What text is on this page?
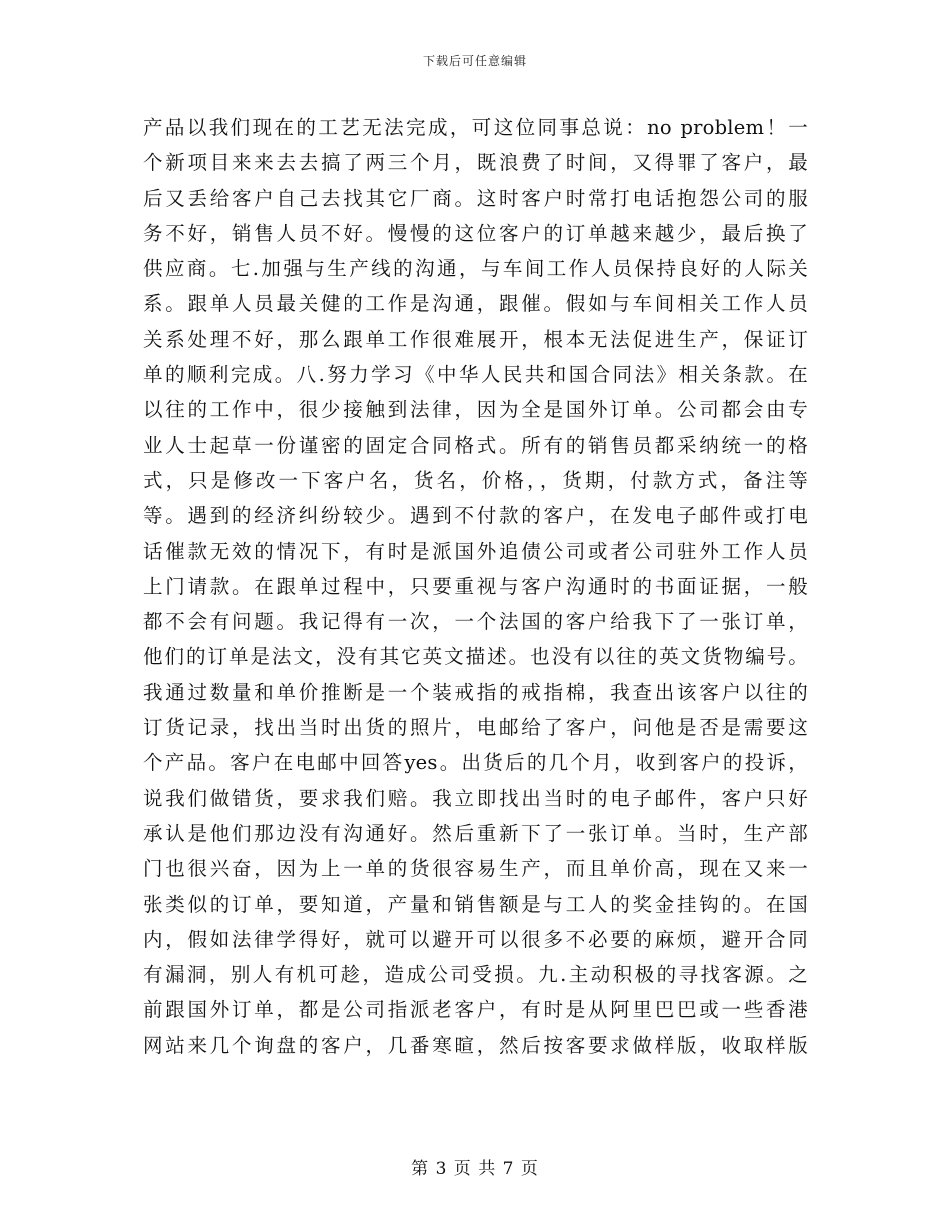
下载后可任意编辑
产品以我们现在的工艺无法完成，可这位同事总说：no problem！一
个新项目来来去去搞了两三个月，既浪费了时间，又得罪了客户，最
后又丢给客户自己去找其它厂商。这时客户时常打电话抱怨公司的服
务不好，销售人员不好。慢慢的这位客户的订单越来越少，最后换了
供应商。七.加强与生产线的沟通，与车间工作人员保持良好的人际关
系。跟单人员最关健的工作是沟通，跟催。假如与车间相关工作人员
关系处理不好，那么跟单工作很难展开，根本无法促进生产，保证订
单的顺利完成。八.努力学习《中华人民共和国合同法》相关条款。在
以往的工作中，很少接触到法律，因为全是国外订单。公司都会由专
业人士起草一份谨密的固定合同格式。所有的销售员都采纳统一的格
式，只是修改一下客户名，货名，价格，，货期，付款方式，备注等
等。遇到的经济纠纷较少。遇到不付款的客户，在发电子邮件或打电
话催款无效的情况下，有时是派国外追债公司或者公司驻外工作人员
上门请款。在跟单过程中，只要重视与客户沟通时的书面证据，一般
都不会有问题。我记得有一次，一个法国的客户给我下了一张订单，
他们的订单是法文，没有其它英文描述。也没有以往的英文货物编号。
我通过数量和单价推断是一个装戒指的戒指棉，我查出该客户以往的
订货记录，找出当时出货的照片，电邮给了客户，问他是否是需要这
个产品。客户在电邮中回答yes。出货后的几个月，收到客户的投诉，
说我们做错货，要求我们赔。我立即找出当时的电子邮件，客户只好
承认是他们那边没有沟通好。然后重新下了一张订单。当时，生产部
门也很兴奋，因为上一单的货很容易生产，而且单价高，现在又来一
张类似的订单，要知道，产量和销售额是与工人的奖金挂钩的。在国
内，假如法律学得好，就可以避开可以很多不必要的麻烦，避开合同
有漏洞，别人有机可趁，造成公司受损。九.主动积极的寻找客源。之
前跟国外订单，都是公司指派老客户，有时是从阿里巴巴或一些香港
网站来几个询盘的客户，几番寒暄，然后按客要求做样版，收取样版
第 3 页 共 7 页
